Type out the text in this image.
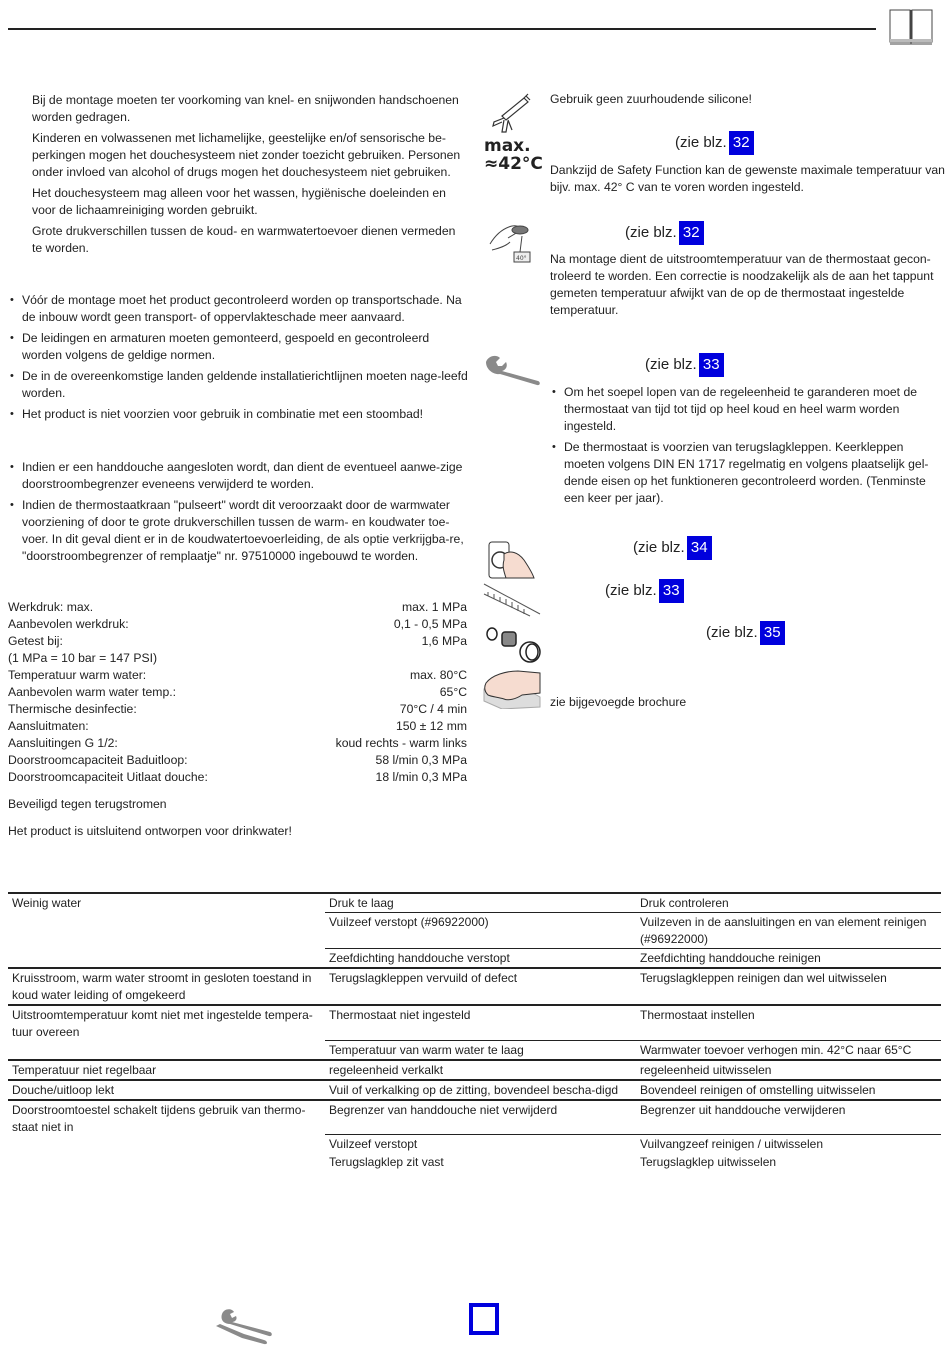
Bij de montage moeten ter voorkoming van knel- en snijwonden handschoenen worden gedragen.

Kinderen en volwassenen met lichamelijke, geestelijke en/of sensorische be-perkingen mogen het douchesysteem niet zonder toezicht gebruiken. Personen onder invloed van alcohol of drugs mogen het douchesysteem niet gebruiken.

Het douchesysteem mag alleen voor het wassen, hygiënische doeleinden en voor de lichaamreiniging worden gebruikt.

Grote drukverschillen tussen de koud- en warmwatertoevoer dienen vermeden te worden.

• Vóór de montage moet het product gecontroleerd worden op transportschade. Na de inbouw wordt geen transport- of oppervlakteschade meer aanvaard.
• De leidingen en armaturen moeten gemonteerd, gespoeld en gecontroleerd worden volgens de geldige normen.
• De in de overeenkomstige landen geldende installatierichtlijnen moeten nage-leefd worden.
• Het product is niet voorzien voor gebruik in combinatie met een stoombad!
• Indien er een handdouche aangesloten wordt, dan dient de eventueel aanwe-zige doorstroombegrenzer eveneens verwijderd te worden.
• Indien de thermostaatkraan "pulseert" wordt dit veroorzaakt door de warmwater voorziening of door te grote drukverschillen tussen de warm- en koudwater toe-voer. In dit geval dient er in de koudwatertoevoerleiding, de als optie verkrijgba-re, "doorstroombegrenzer of remplaatje" nr. 97510000 ingebouwd te worden.
Werkdruk: max.	max. 1 MPa
Aanbevolen werkdruk:	0,1 - 0,5 MPa
Getest bij:	1,6 MPa
(1 MPa = 10 bar = 147 PSI)
Temperatuur warm water:	max. 80°C
Aanbevolen warm water temp.:	65°C
Thermische desinfectie:	70°C / 4 min
Aansluitmaten:	150 ± 12 mm
Aansluitingen G 1/2:	koud rechts - warm links
Doorstroomcapaciteit Baduitloop:	58 l/min 0,3 MPa
Doorstroomcapaciteit Uitlaat douche:	18 l/min 0,3 MPa

Beveiligd tegen terugstromen

Het product is uitsluitend ontworpen voor drinkwater!

Gebruik geen zuurhoudende silicone!

max.
≈42°C
(zie blz. 32

Dankzijd de Safety Function kan de gewenste maximale temperatuur van bijv. max. 42° C van te voren worden ingesteld.

40°
(zie blz. 32

Na montage dient de uitstroomtemperatuur van de thermostaat gecon-troleerd te worden. Een correctie is noodzakelijk als de aan het tappunt gemeten temperatuur afwijkt van de op de thermostaat ingestelde temperatuur.

(zie blz. 33
• Om het soepel lopen van de regeleenheid te garanderen moet de thermostaat van tijd tot tijd op heel koud en heel warm worden ingesteld.
• De thermostaat is voorzien van terugslagkleppen. Keerkleppen moeten volgens DIN EN 1717 regelmatig en volgens plaatselijk gel-dende eisen op het funktioneren gecontroleerd worden. (Tenminste een keer per jaar).
(zie blz. 34
(zie blz. 33
(zie blz. 35

zie bijgevoegde brochure

Weinig water	Druk te laag	Druk controleren
	Vuilzeef verstopt (#96922000)	Vuilzeven in de aansluitingen en van element reinigen (#96922000)
	Zeefdichting handdouche verstopt	Zeefdichting handdouche reinigen
Kruisstroom, warm water stroomt in gesloten toestand in koud water leiding of omgekeerd	Terugslagkleppen vervuild of defect	Terugslagkleppen reinigen dan wel uitwisselen
Uitstroomtemperatuur komt niet met ingestelde tempera-tuur overeen	Thermostaat niet ingesteld	Thermostaat instellen
	Temperatuur van warm water te laag	Warmwater toevoer verhogen min. 42°C naar 65°C
Temperatuur niet regelbaar	regeleenheid verkalkt	regeleenheid uitwisselen
Douche/uitloop lekt	Vuil of verkalking op de zitting, bovendeel bescha-digd	Bovendeel reinigen of omstelling uitwisselen
Doorstroomtoestel schakelt tijdens gebruik van thermo-staat niet in	Begrenzer van handdouche niet verwijderd	Begrenzer uit handdouche verwijderen
	Vuilzeef verstopt	Vuilvangzeef reinigen / uitwisselen
	Terugslagklep zit vast	Terugslagklep uitwisselen
